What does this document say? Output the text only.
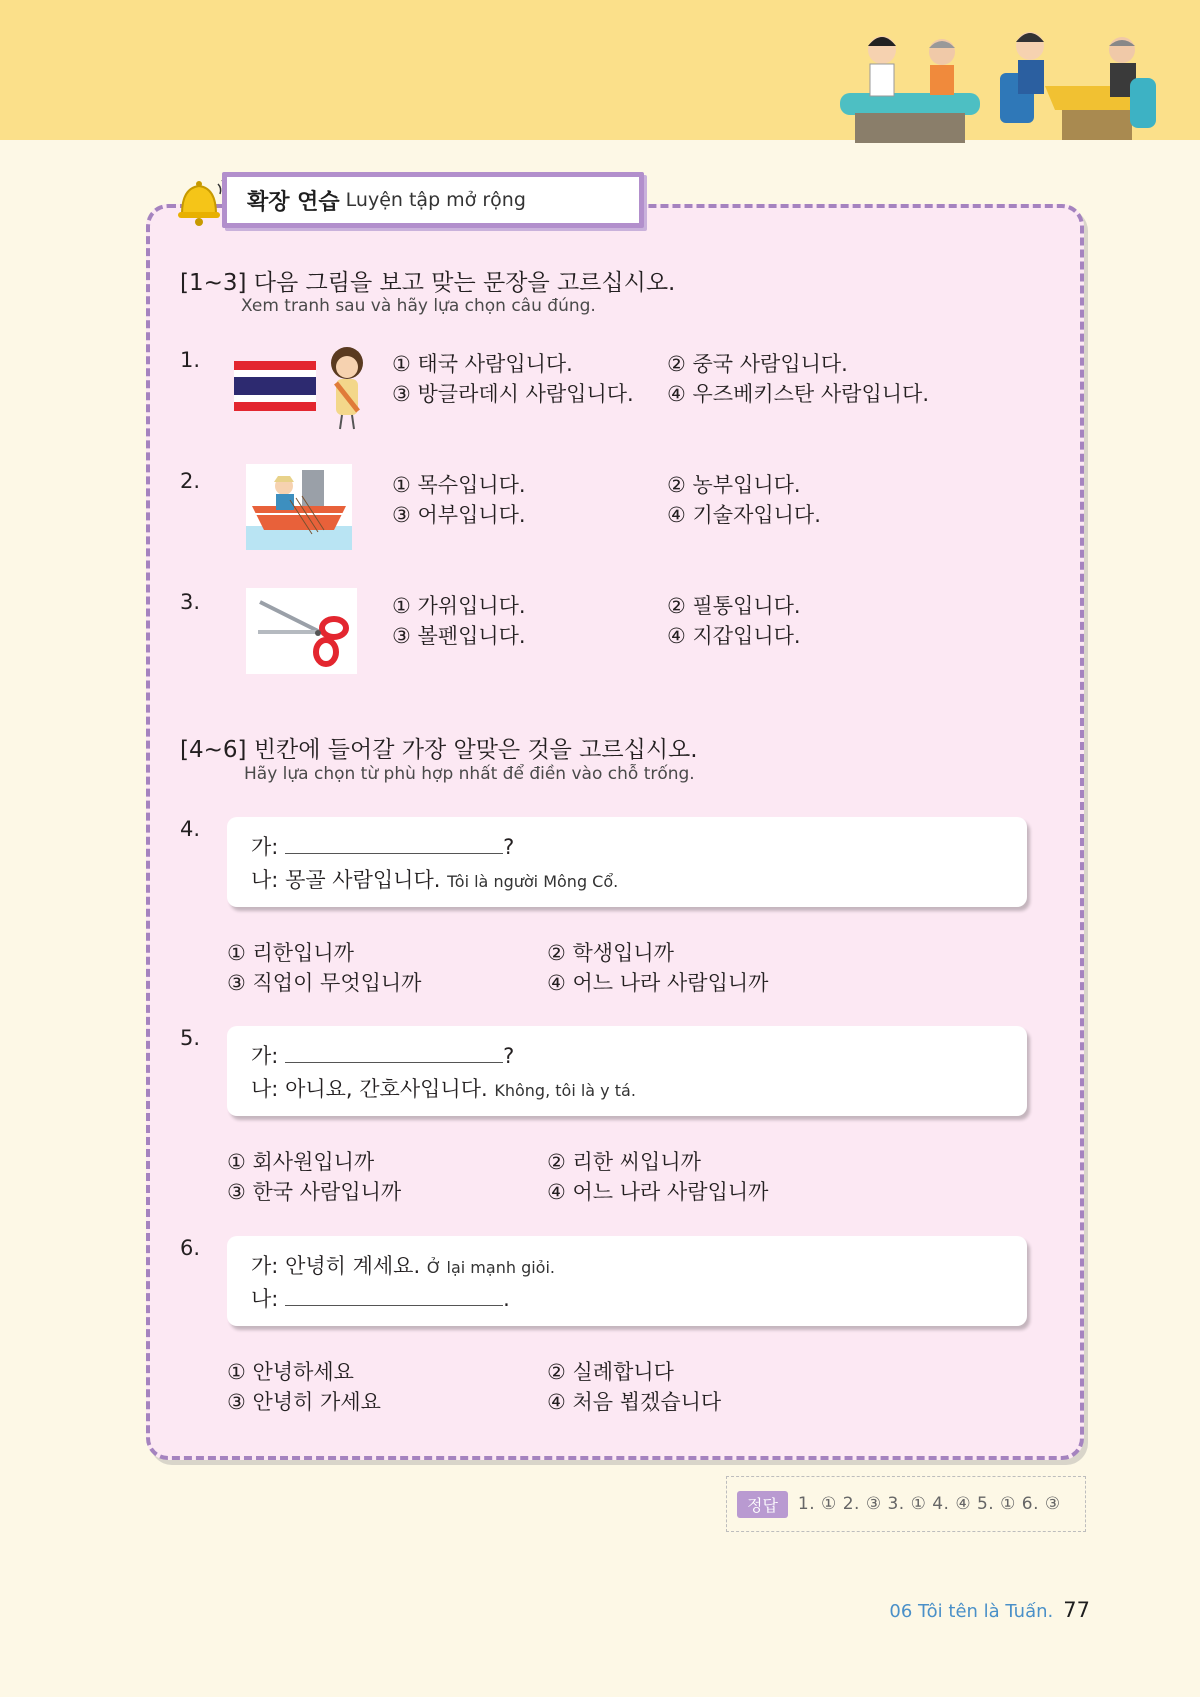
확장 연습 Luyện tập mở rộng
[1~3] 다음 그림을 보고 맞는 문장을 고르십시오.
Xem tranh sau và hãy lựa chọn câu đúng.
1.	① 태국 사람입니다.	② 중국 사람입니다.
③ 방글라데시 사람입니다. ④ 우즈베키스탄 사람입니다.
2.	① 목수입니다.	② 농부입니다.
③ 어부입니다.	④ 기술자입니다.
3.	① 가위입니다.	② 필통입니다.
③ 볼펜입니다.	④ 지갑입니다.
[4~6] 빈칸에 들어갈 가장 알맞은 것을 고르십시오.
Hãy lựa chọn từ phù hợp nhất để điền vào chỗ trống.
4.
가:	?
나: 몽골 사람입니다. Tôi là người Mông Cổ.
① 리한입니까	② 학생입니까
③ 직업이 무엇입니까	④ 어느 나라 사람입니까
5.
가:	?
나: 아니요, 간호사입니다. Không, tôi là y tá.
① 회사원입니까	② 리한 씨입니까
③ 한국 사람입니까	④ 어느 나라 사람입니까
6.
가: 안녕히 계세요. Ở lại mạnh giỏi.
나:	.
① 안녕하세요	② 실례합니다
③ 안녕히 가세요	④ 처음 뵙겠습니다
정답	1. ① 2. ③ 3. ① 4. ④ 5. ① 6. ③
06 Tôi tên là Tuấn. 77
